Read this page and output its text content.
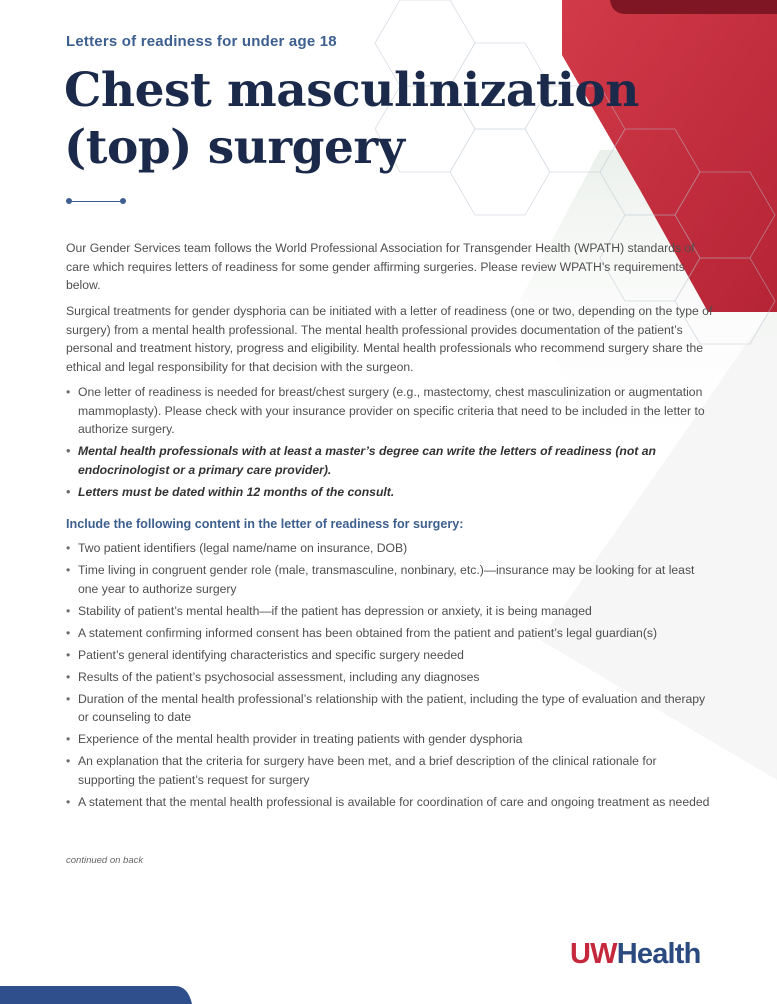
Letters of readiness for under age 18
Chest masculinization
(top) surgery

Our Gender Services team follows the World Professional Association for Transgender Health (WPATH) standards of care which requires letters of readiness for some gender affirming surgeries. Please review WPATH’s requirements below.

Surgical treatments for gender dysphoria can be initiated with a letter of readiness (one or two, depending on the type of surgery) from a mental health professional. The mental health professional provides documentation of the patient’s personal and treatment history, progress and eligibility. Mental health professionals who recommend surgery share the ethical and legal responsibility for that decision with the surgeon.

• One letter of readiness is needed for breast/chest surgery (e.g., mastectomy, chest masculinization or augmentation mammoplasty). Please check with your insurance provider on specific criteria that need to be included in the letter to authorize surgery.
• Mental health professionals with at least a master’s degree can write the letters of readiness (not an endocrinologist or a primary care provider).
• Letters must be dated within 12 months of the consult.
Include the following content in the letter of readiness for surgery:
• Two patient identifiers (legal name/name on insurance, DOB)
• Time living in congruent gender role (male, transmasculine, nonbinary, etc.)—insurance may be looking for at least one year to authorize surgery
• Stability of patient’s mental health—if the patient has depression or anxiety, it is being managed
• A statement confirming informed consent has been obtained from the patient and patient’s legal guardian(s)
• Patient’s general identifying characteristics and specific surgery needed
• Results of the patient’s psychosocial assessment, including any diagnoses
• Duration of the mental health professional’s relationship with the patient, including the type of evaluation and therapy or counseling to date
• Experience of the mental health provider in treating patients with gender dysphoria
• An explanation that the criteria for surgery have been met, and a brief description of the clinical rationale for supporting the patient’s request for surgery
• A statement that the mental health professional is available for coordination of care and ongoing treatment as needed
continued on back
UWHealth
